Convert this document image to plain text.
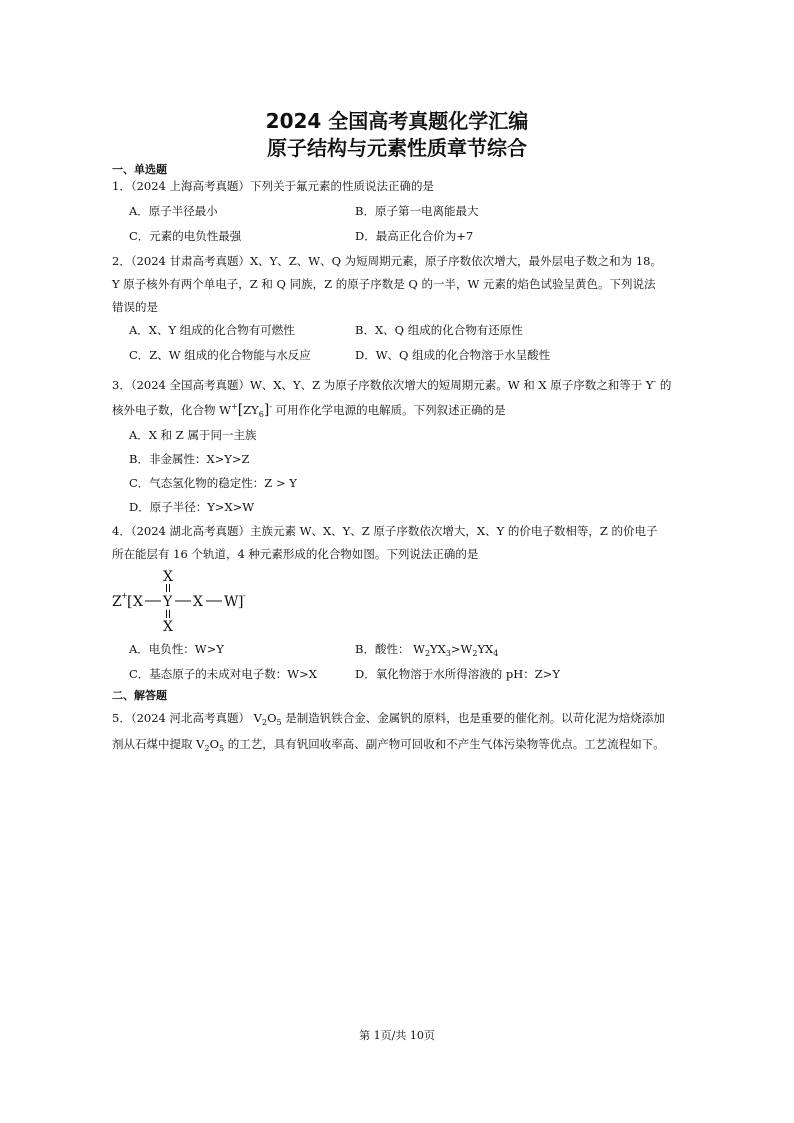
2024 全国高考真题化学汇编
原子结构与元素性质章节综合
一、单选题
1．（2024 上海高考真题）下列关于氟元素的性质说法正确的是
A．原子半径最小	B．原子第一电离能最大
C．元素的电负性最强	D．最高正化合价为+7
2．（2024 甘肃高考真题）X、Y、Z、W、Q 为短周期元素，原子序数依次增大，最外层电子数之和为 18。
Y 原子核外有两个单电子，Z 和 Q 同族，Z 的原子序数是 Q 的一半，W 元素的焰色试验呈黄色。下列说法
错误的是
A．X、Y 组成的化合物有可燃性	B．X、Q 组成的化合物有还原性
C．Z、W 组成的化合物能与水反应	D．W、Q 组成的化合物溶于水呈酸性
3．（2024 全国高考真题）W、X、Y、Z 为原子序数依次增大的短周期元素。W 和 X 原子序数之和等于 Y- 的
核外电子数，化合物 $W^+[ZY_6]^-$ 可用作化学电源的电解质。下列叙述正确的是
A．X 和 Z 属于同一主族
B．非金属性：X>Y>Z
C．气态氢化物的稳定性：Z > Y
D．原子半径：Y>X>W
4．（2024 湖北高考真题）主族元素 W、X、Y、Z 原子序数依次增大，X、Y 的价电子数相等，Z 的价电子
所在能层有 16 个轨道，4 种元素形成的化合物如图。下列说法正确的是
X
Z + [ X Y X W ] -
X
A．电负性：W>Y	B．酸性： $W_2YX_3>W_2YX_4$
C．基态原子的未成对电子数：W>X	D．氧化物溶于水所得溶液的 pH：Z>Y
二、解答题
5．（2024 河北高考真题） $V_2O_5$ 是制造钒铁合金、金属钒的原料，也是重要的催化剂。以苛化泥为焙烧添加
剂从石煤中提取 $V_2O_5$ 的工艺，具有钒回收率高、副产物可回收和不产生气体污染物等优点。工艺流程如下。
第 1页/共 10页
